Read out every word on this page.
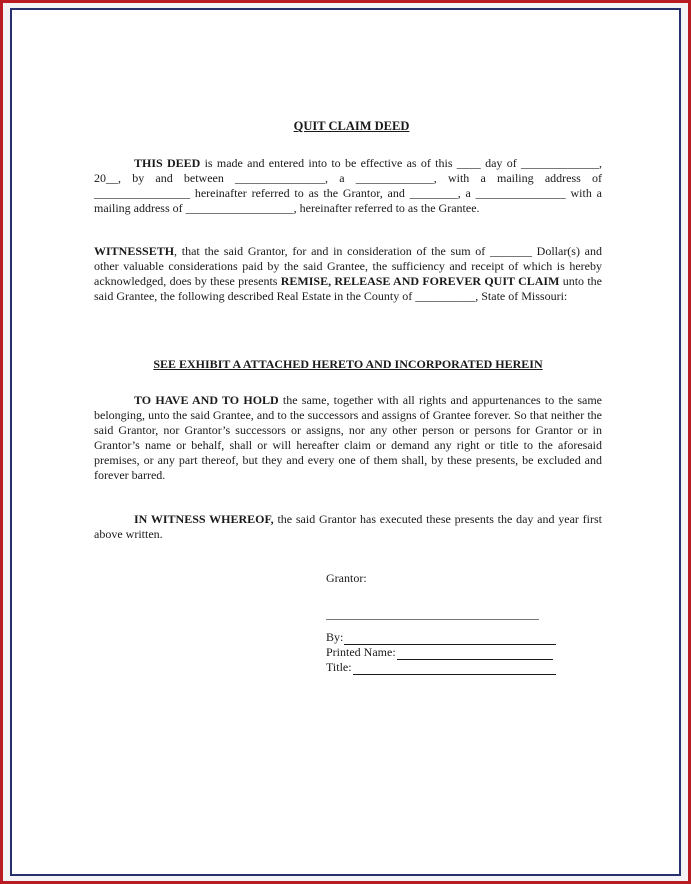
QUIT CLAIM DEED

THIS DEED is made and entered into to be effective as of this ____ day of _____________, 20__, by and between _______________, a _____________, with a mailing address of ________________ hereinafter referred to as the Grantor, and ________, a _______________ with a mailing address of __________________, hereinafter referred to as the Grantee.

WITNESSETH, that the said Grantor, for and in consideration of the sum of _______ Dollar(s) and other valuable considerations paid by the said Grantee, the sufficiency and receipt of which is hereby acknowledged, does by these presents REMISE, RELEASE AND FOREVER QUIT CLAIM unto the said Grantee, the following described Real Estate in the County of __________, State of Missouri:

SEE EXHIBIT A ATTACHED HERETO AND INCORPORATED HEREIN

TO HAVE AND TO HOLD the same, together with all rights and appurtenances to the same belonging, unto the said Grantee, and to the successors and assigns of Grantee forever. So that neither the said Grantor, nor Grantor’s successors or assigns, nor any other person or persons for Grantor or in Grantor’s name or behalf, shall or will hereafter claim or demand any right or title to the aforesaid premises, or any part thereof, but they and every one of them shall, by these presents, be excluded and forever barred.

IN WITNESS WHEREOF, the said Grantor has executed these presents the day and year first above written.

Grantor:
By:
Printed Name:
Title:
